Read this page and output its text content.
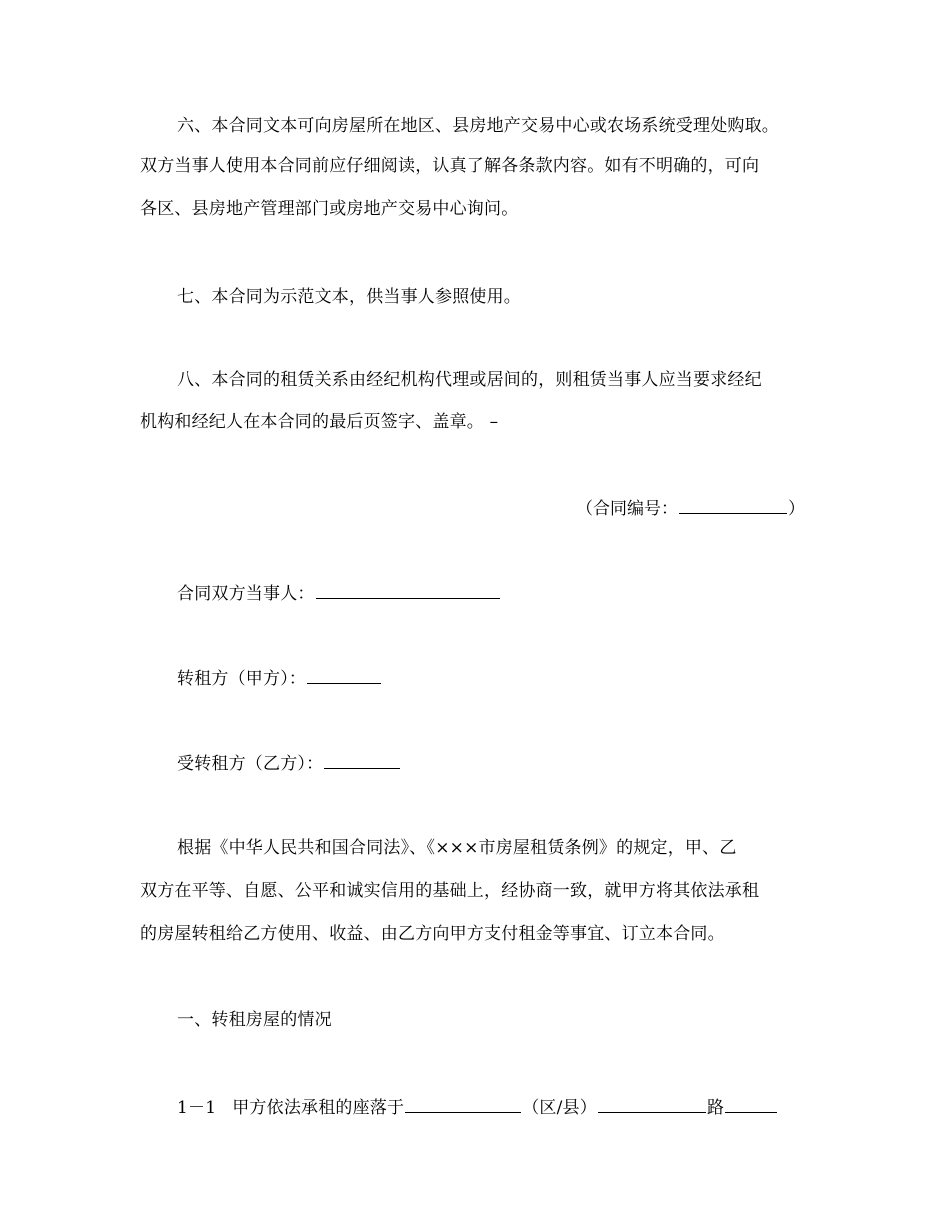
六、本合同文本可向房屋所在地区、县房地产交易中心或农场系统受理处购取。
双方当事人使用本合同前应仔细阅读，认真了解各条款内容。如有不明确的，可向
各区、县房地产管理部门或房地产交易中心询问。
七、本合同为示范文本，供当事人参照使用。
八、本合同的租赁关系由经纪机构代理或居间的，则租赁当事人应当要求经纪
机构和经纪人在本合同的最后页签字、盖章。 –
（合同编号：	）
合同双方当事人：
转租方（甲方）：
受转租方（乙方）：
根据《中华人民共和国合同法》、《×××市房屋租赁条例》的规定，甲、乙
双方在平等、自愿、公平和诚实信用的基础上，经协商一致，就甲方将其依法承租
的房屋转租给乙方使用、收益、由乙方向甲方支付租金等事宜、订立本合同。
一、转租房屋的情况
1－1 甲方依法承租的座落于	（区/县）	路
